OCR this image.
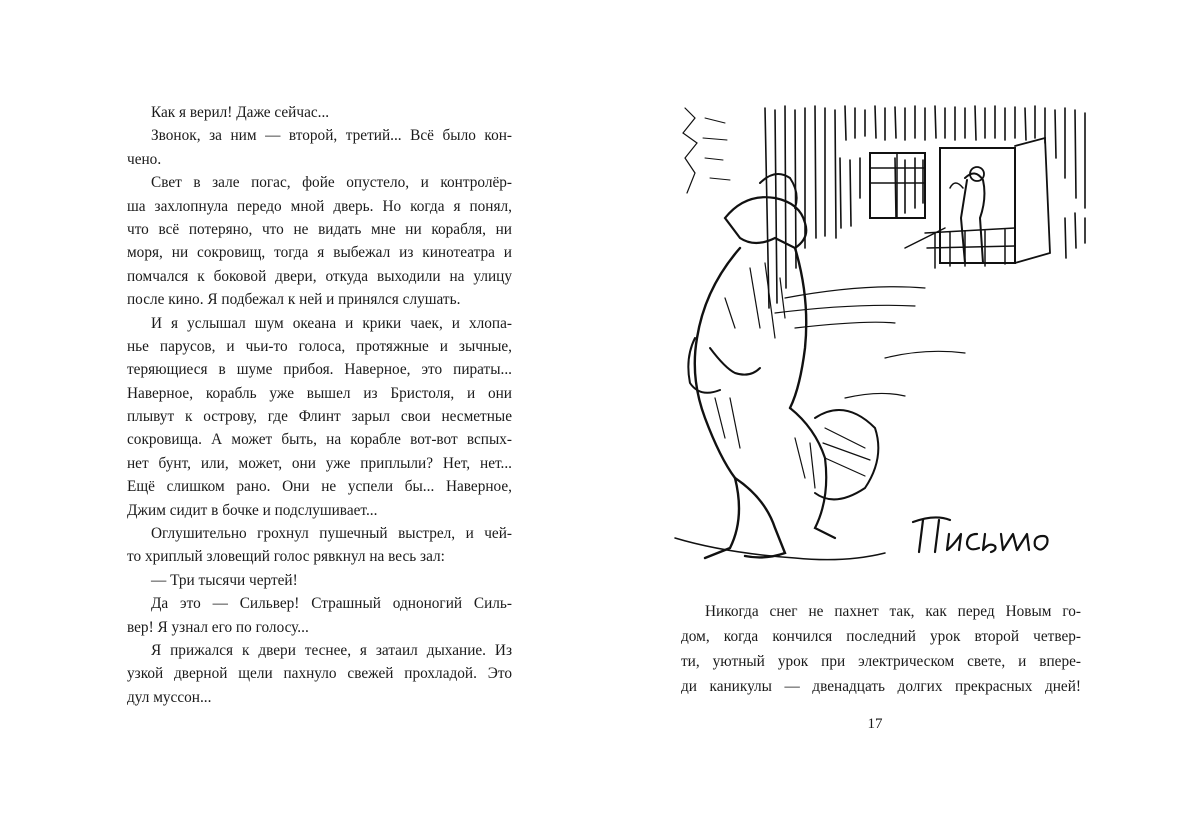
Как я верил! Даже сейчас...
Звонок, за ним — второй, третий... Всё было кон-
чено.
Свет в зале погас, фойе опустело, и контролёр-
ша захлопнула передо мной дверь. Но когда я понял,
что всё потеряно, что не видать мне ни корабля, ни
моря, ни сокровищ, тогда я выбежал из кинотеатра и
помчался к боковой двери, откуда выходили на улицу
после кино. Я подбежал к ней и принялся слушать.
И я услышал шум океана и крики чаек, и хлопа-
нье парусов, и чьи-то голоса, протяжные и зычные,
теряющиеся в шуме прибоя. Наверное, это пираты...
Наверное, корабль уже вышел из Бристоля, и они
плывут к острову, где Флинт зарыл свои несметные
сокровища. А может быть, на корабле вот-вот вспых-
нет бунт, или, может, они уже приплыли? Нет, нет...
Ещё слишком рано. Они не успели бы... Наверное,
Джим сидит в бочке и подслушивает...
Оглушительно грохнул пушечный выстрел, и чей-
то хриплый зловещий голос рявкнул на весь зал:
— Три тысячи чертей!
Да это — Сильвер! Страшный одноногий Силь-
вер! Я узнал его по голосу...
Я прижался к двери теснее, я затаил дыхание. Из
узкой дверной щели пахнуло свежей прохладой. Это
дул муссон...
Письмо
Никогда снег не пахнет так, как перед Новым го-
дом, когда кончился последний урок второй четвер-
ти, уютный урок при электрическом свете, и впере-
ди каникулы — двенадцать долгих прекрасных дней!
17
